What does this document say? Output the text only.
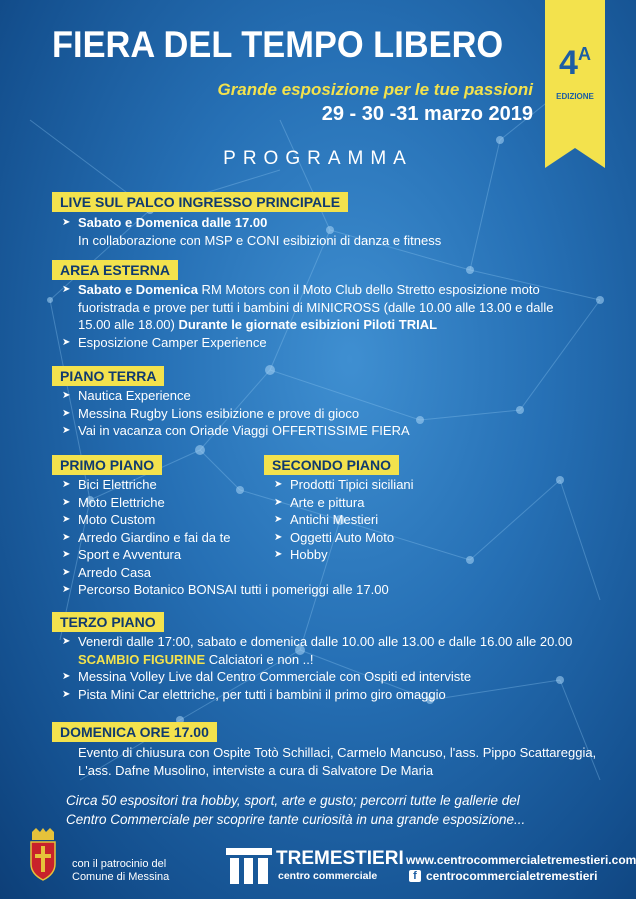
FIERA DEL TEMPO LIBERO
Grande esposizione per le tue passioni
29 - 30 -31 marzo 2019
$4^A$
EDIZIONE
PROGRAMMA
LIVE SUL PALCO INGRESSO PRINCIPALE
➤ Sabato e Domenica dalle 17.00
In collaborazione con MSP e CONI esibizioni di danza e fitness
AREA ESTERNA
➤ Sabato e Domenica RM Motors con il Moto Club dello Stretto esposizione moto
fuoristrada e prove per tutti i bambini di MINICROSS (dalle 10.00 alle 13.00 e dalle
15.00 alle 18.00) Durante le giornate esibizioni Piloti TRIAL
➤ Esposizione Camper Experience
PIANO TERRA
➤ Nautica Experience
➤ Messina Rugby Lions esibizione e prove di gioco
➤ Vai in vacanza con Oriade Viaggi OFFERTISSIME FIERA
PRIMO PIANO
➤ Bici Elettriche
➤ Moto Elettriche
➤ Moto Custom
➤ Arredo Giardino e fai da te
➤ Sport e Avventura
➤ Arredo Casa
➤ Percorso Botanico BONSAI tutti i pomeriggi alle 17.00
SECONDO PIANO
➤ Prodotti Tipici siciliani
➤ Arte e pittura
➤ Antichi Mestieri
➤ Oggetti Auto Moto
➤ Hobby
TERZO PIANO
➤ Venerdì dalle 17:00, sabato e domenica dalle 10.00 alle 13.00 e dalle 16.00 alle 20.00
SCAMBIO FIGURINE Calciatori e non ..!
➤ Messina Volley Live dal Centro Commerciale con Ospiti ed interviste
➤ Pista Mini Car elettriche, per tutti i bambini il primo giro omaggio
DOMENICA ORE 17.00
Evento di chiusura con Ospite Totò Schillaci, Carmelo Mancuso, l'ass. Pippo Scattareggia,
L'ass. Dafne Musolino, interviste a cura di Salvatore De Maria
Circa 50 espositori tra hobby, sport, arte e gusto; percorri tutte le gallerie del
Centro Commerciale per scoprire tante curiosità in una grande esposizione...
con il patrocinio del
Comune di Messina
TREMESTIERI
centro commerciale
www.centrocommercialetremestieri.com
f centrocommercialetremestieri
